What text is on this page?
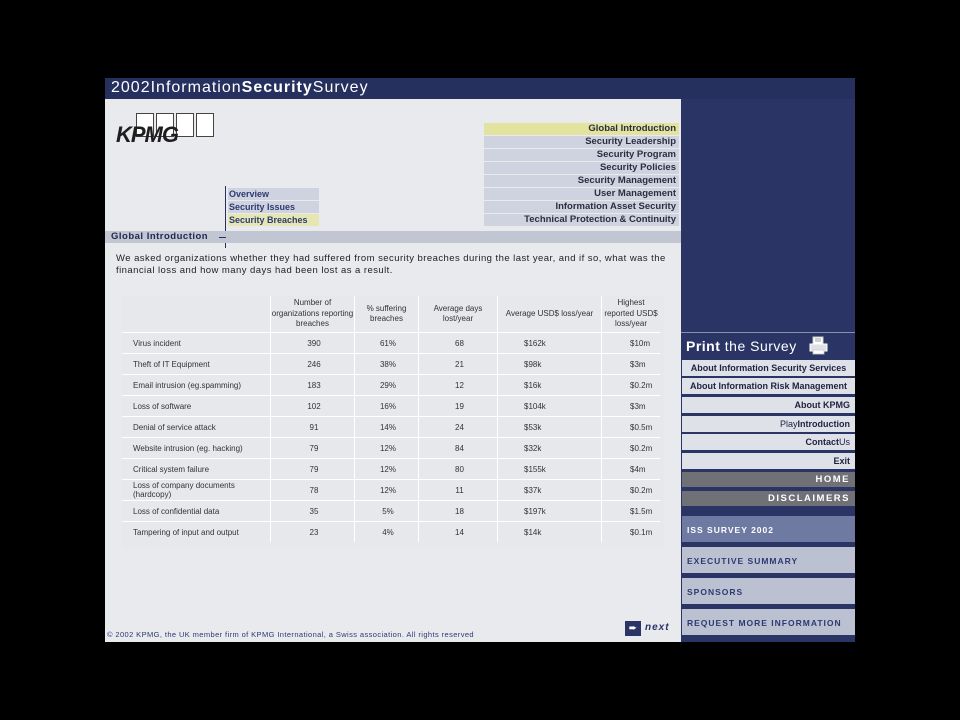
2002InformationSecuritySurvey
KPMG	Global Introduction
Security Leadership
Security Program
Security Policies
Security Management
User Management
Information Asset Security
Technical Protection & Continuity
Overview
Security Issues
Security Breaches
Global Introduction
We asked organizations whether they had suffered from security breaches during the last year, and if so, what was the financial loss and how many days had been lost as a result.
	Number of organizations reporting breaches	% suffering breaches	Average days lost/year	Average USD$ loss/year	Highest reported USD$ loss/year
Virus incident	390	61%	68	$162k	$10m
Theft of IT Equipment	246	38%	21	$98k	$3m
Email intrusion (eg.spamming)	183	29%	12	$16k	$0.2m
Loss of software	102	16%	19	$104k	$3m
Denial of service attack	91	14%	24	$53k	$0.5m
Website intrusion (eg. hacking)	79	12%	84	$32k	$0.2m
Critical system failure	79	12%	80	$155k	$4m
Loss of company documents (hardcopy)	78	12%	11	$37k	$0.2m
Loss of confidential data	35	5%	18	$197k	$1.5m
Tampering of input and output	23	4%	14	$14k	$0.1m
© 2002 KPMG, the UK member firm of KPMG International, a Swiss association. All rights reserved
➨ next
Print the Survey
About Information Security Services
About Information Risk Management
About KPMG
PlayIntroduction
ContactUs
Exit
HOME
DISCLAIMERS
ISS SURVEY 2002
EXECUTIVE SUMMARY
SPONSORS
REQUEST MORE INFORMATION
